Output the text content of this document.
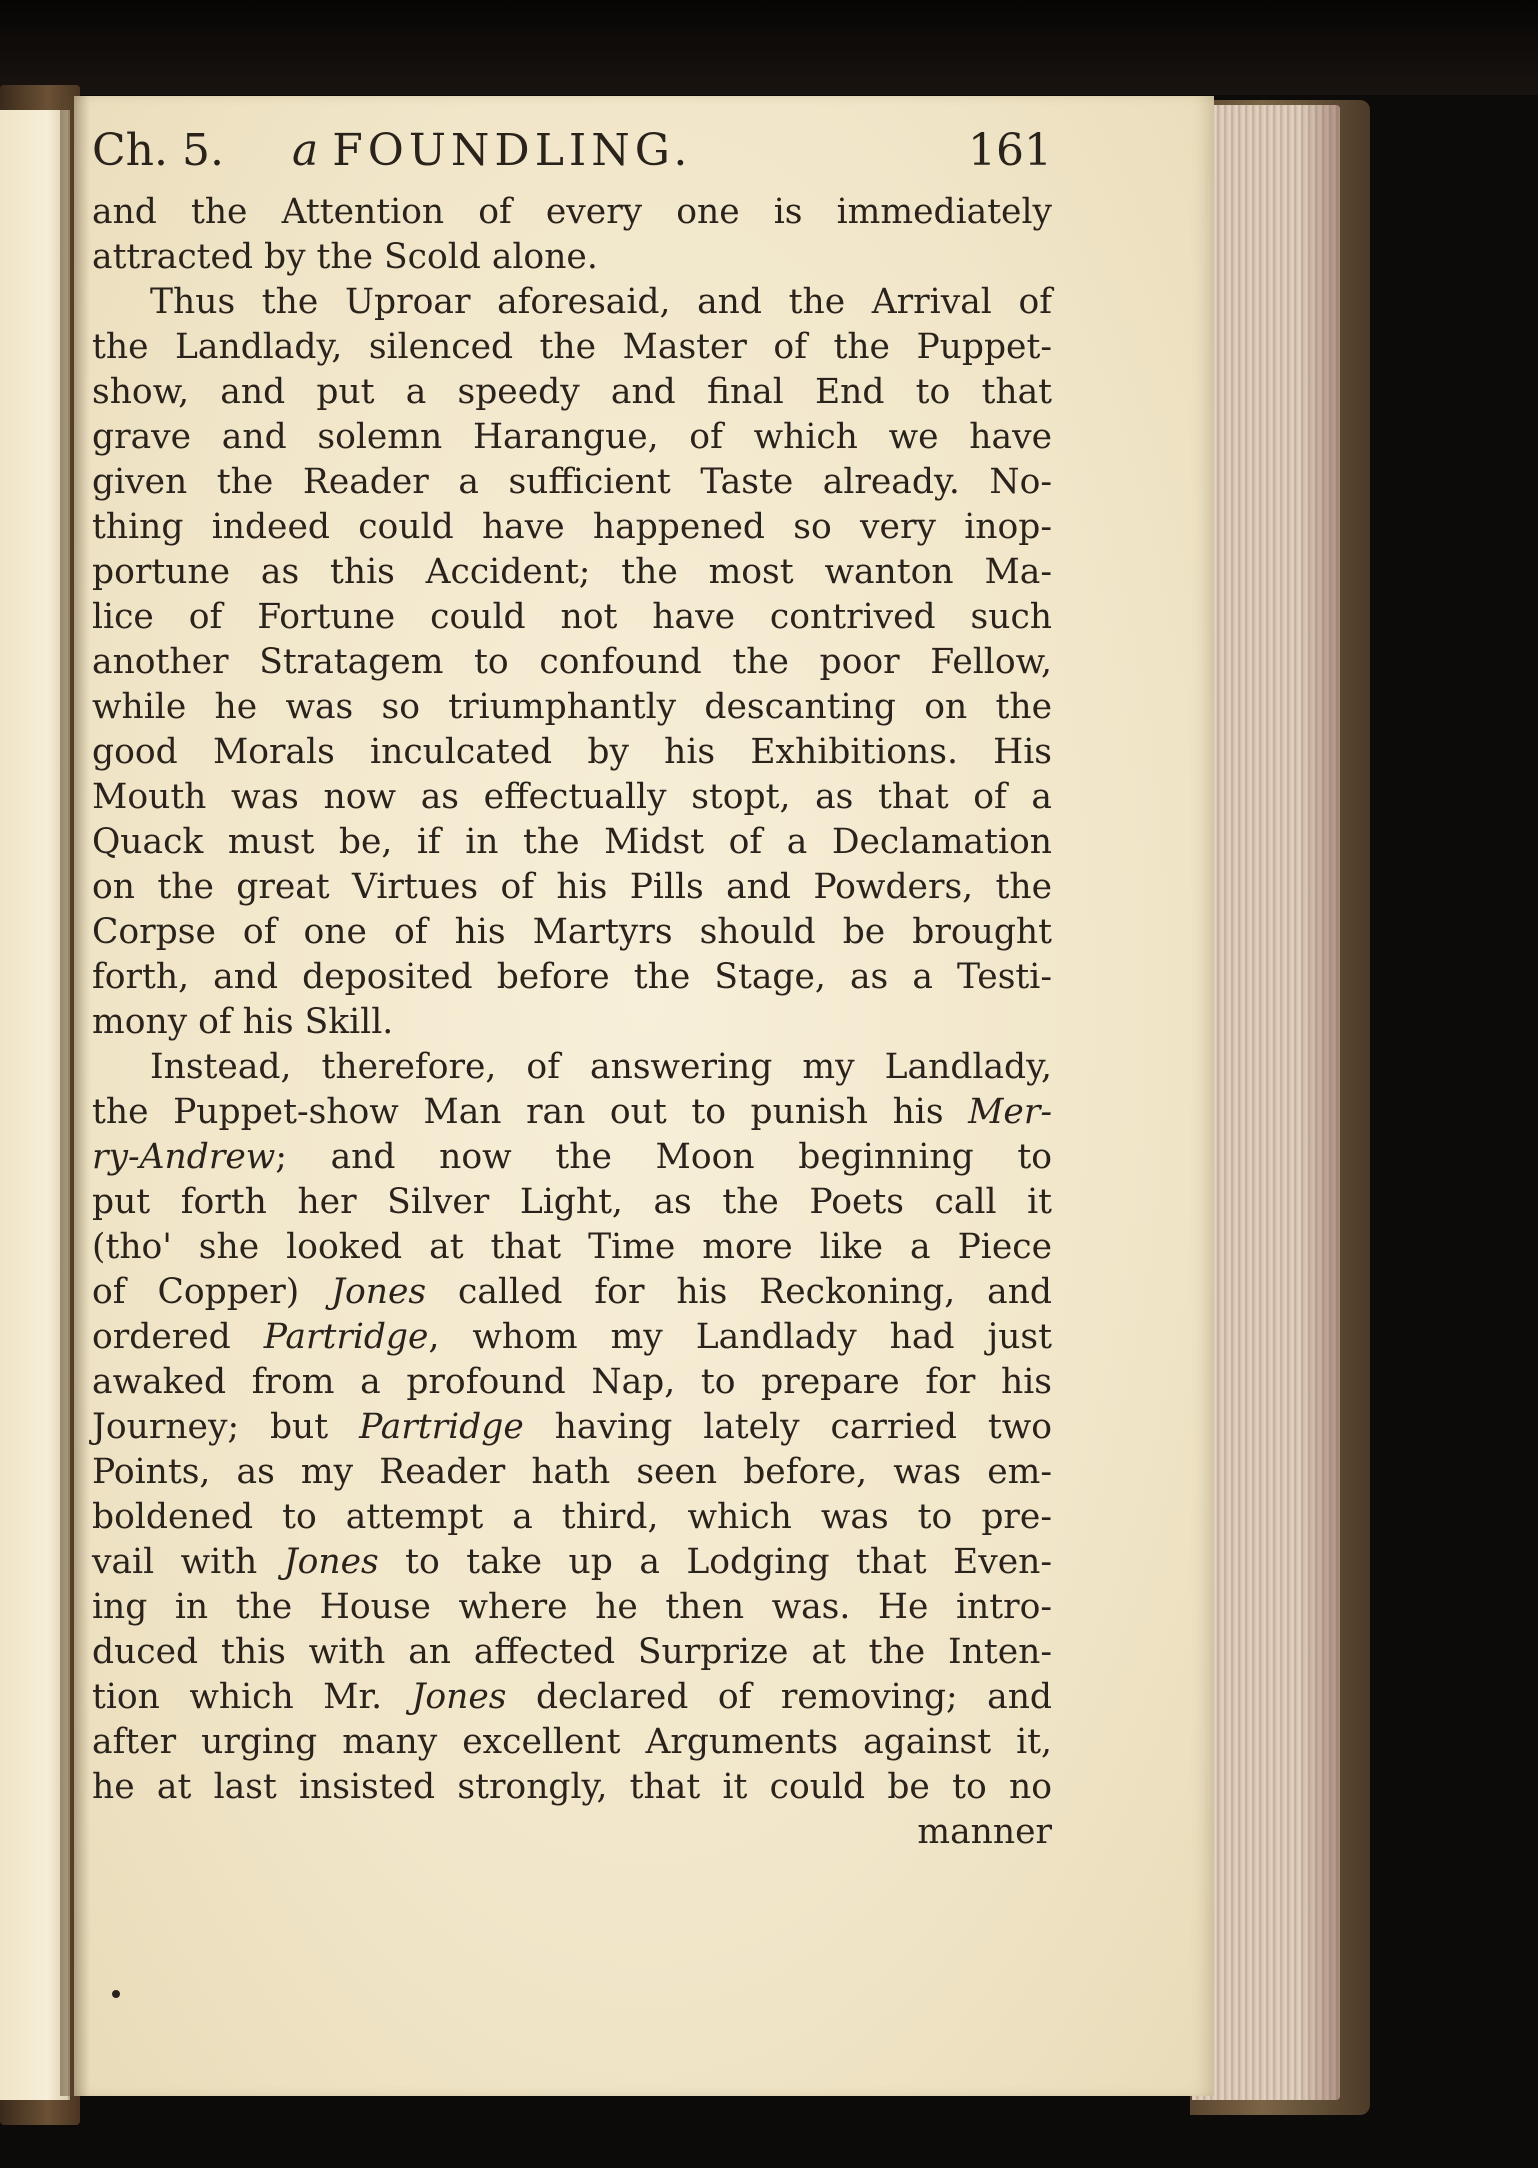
Ch. 5. a FOUNDLING.	161
and the Attention of every one is immediately
attracted by the Scold alone.
Thus the Uproar aforesaid, and the Arrival of
the Landlady, silenced the Master of the Puppet-
show, and put a speedy and final End to that
grave and solemn Harangue, of which we have
given the Reader a sufficient Taste already. No-
thing indeed could have happened so very inop-
portune as this Accident; the most wanton Ma-
lice of Fortune could not have contrived such
another Stratagem to confound the poor Fellow,
while he was so triumphantly descanting on the
good Morals inculcated by his Exhibitions. His
Mouth was now as effectually stopt, as that of a
Quack must be, if in the Midst of a Declamation
on the great Virtues of his Pills and Powders, the
Corpse of one of his Martyrs should be brought
forth, and deposited before the Stage, as a Testi-
mony of his Skill.
Instead, therefore, of answering my Landlady,
the Puppet-show Man ran out to punish his Mer-
ry-Andrew; and now the Moon beginning to
put forth her Silver Light, as the Poets call it
(tho' she looked at that Time more like a Piece
of Copper) Jones called for his Reckoning, and
ordered Partridge, whom my Landlady had just
awaked from a profound Nap, to prepare for his
Journey; but Partridge having lately carried two
Points, as my Reader hath seen before, was em-
boldened to attempt a third, which was to pre-
vail with Jones to take up a Lodging that Even-
ing in the House where he then was. He intro-
duced this with an affected Surprize at the Inten-
tion which Mr. Jones declared of removing; and
after urging many excellent Arguments against it,
he at last insisted strongly, that it could be to no
manner
